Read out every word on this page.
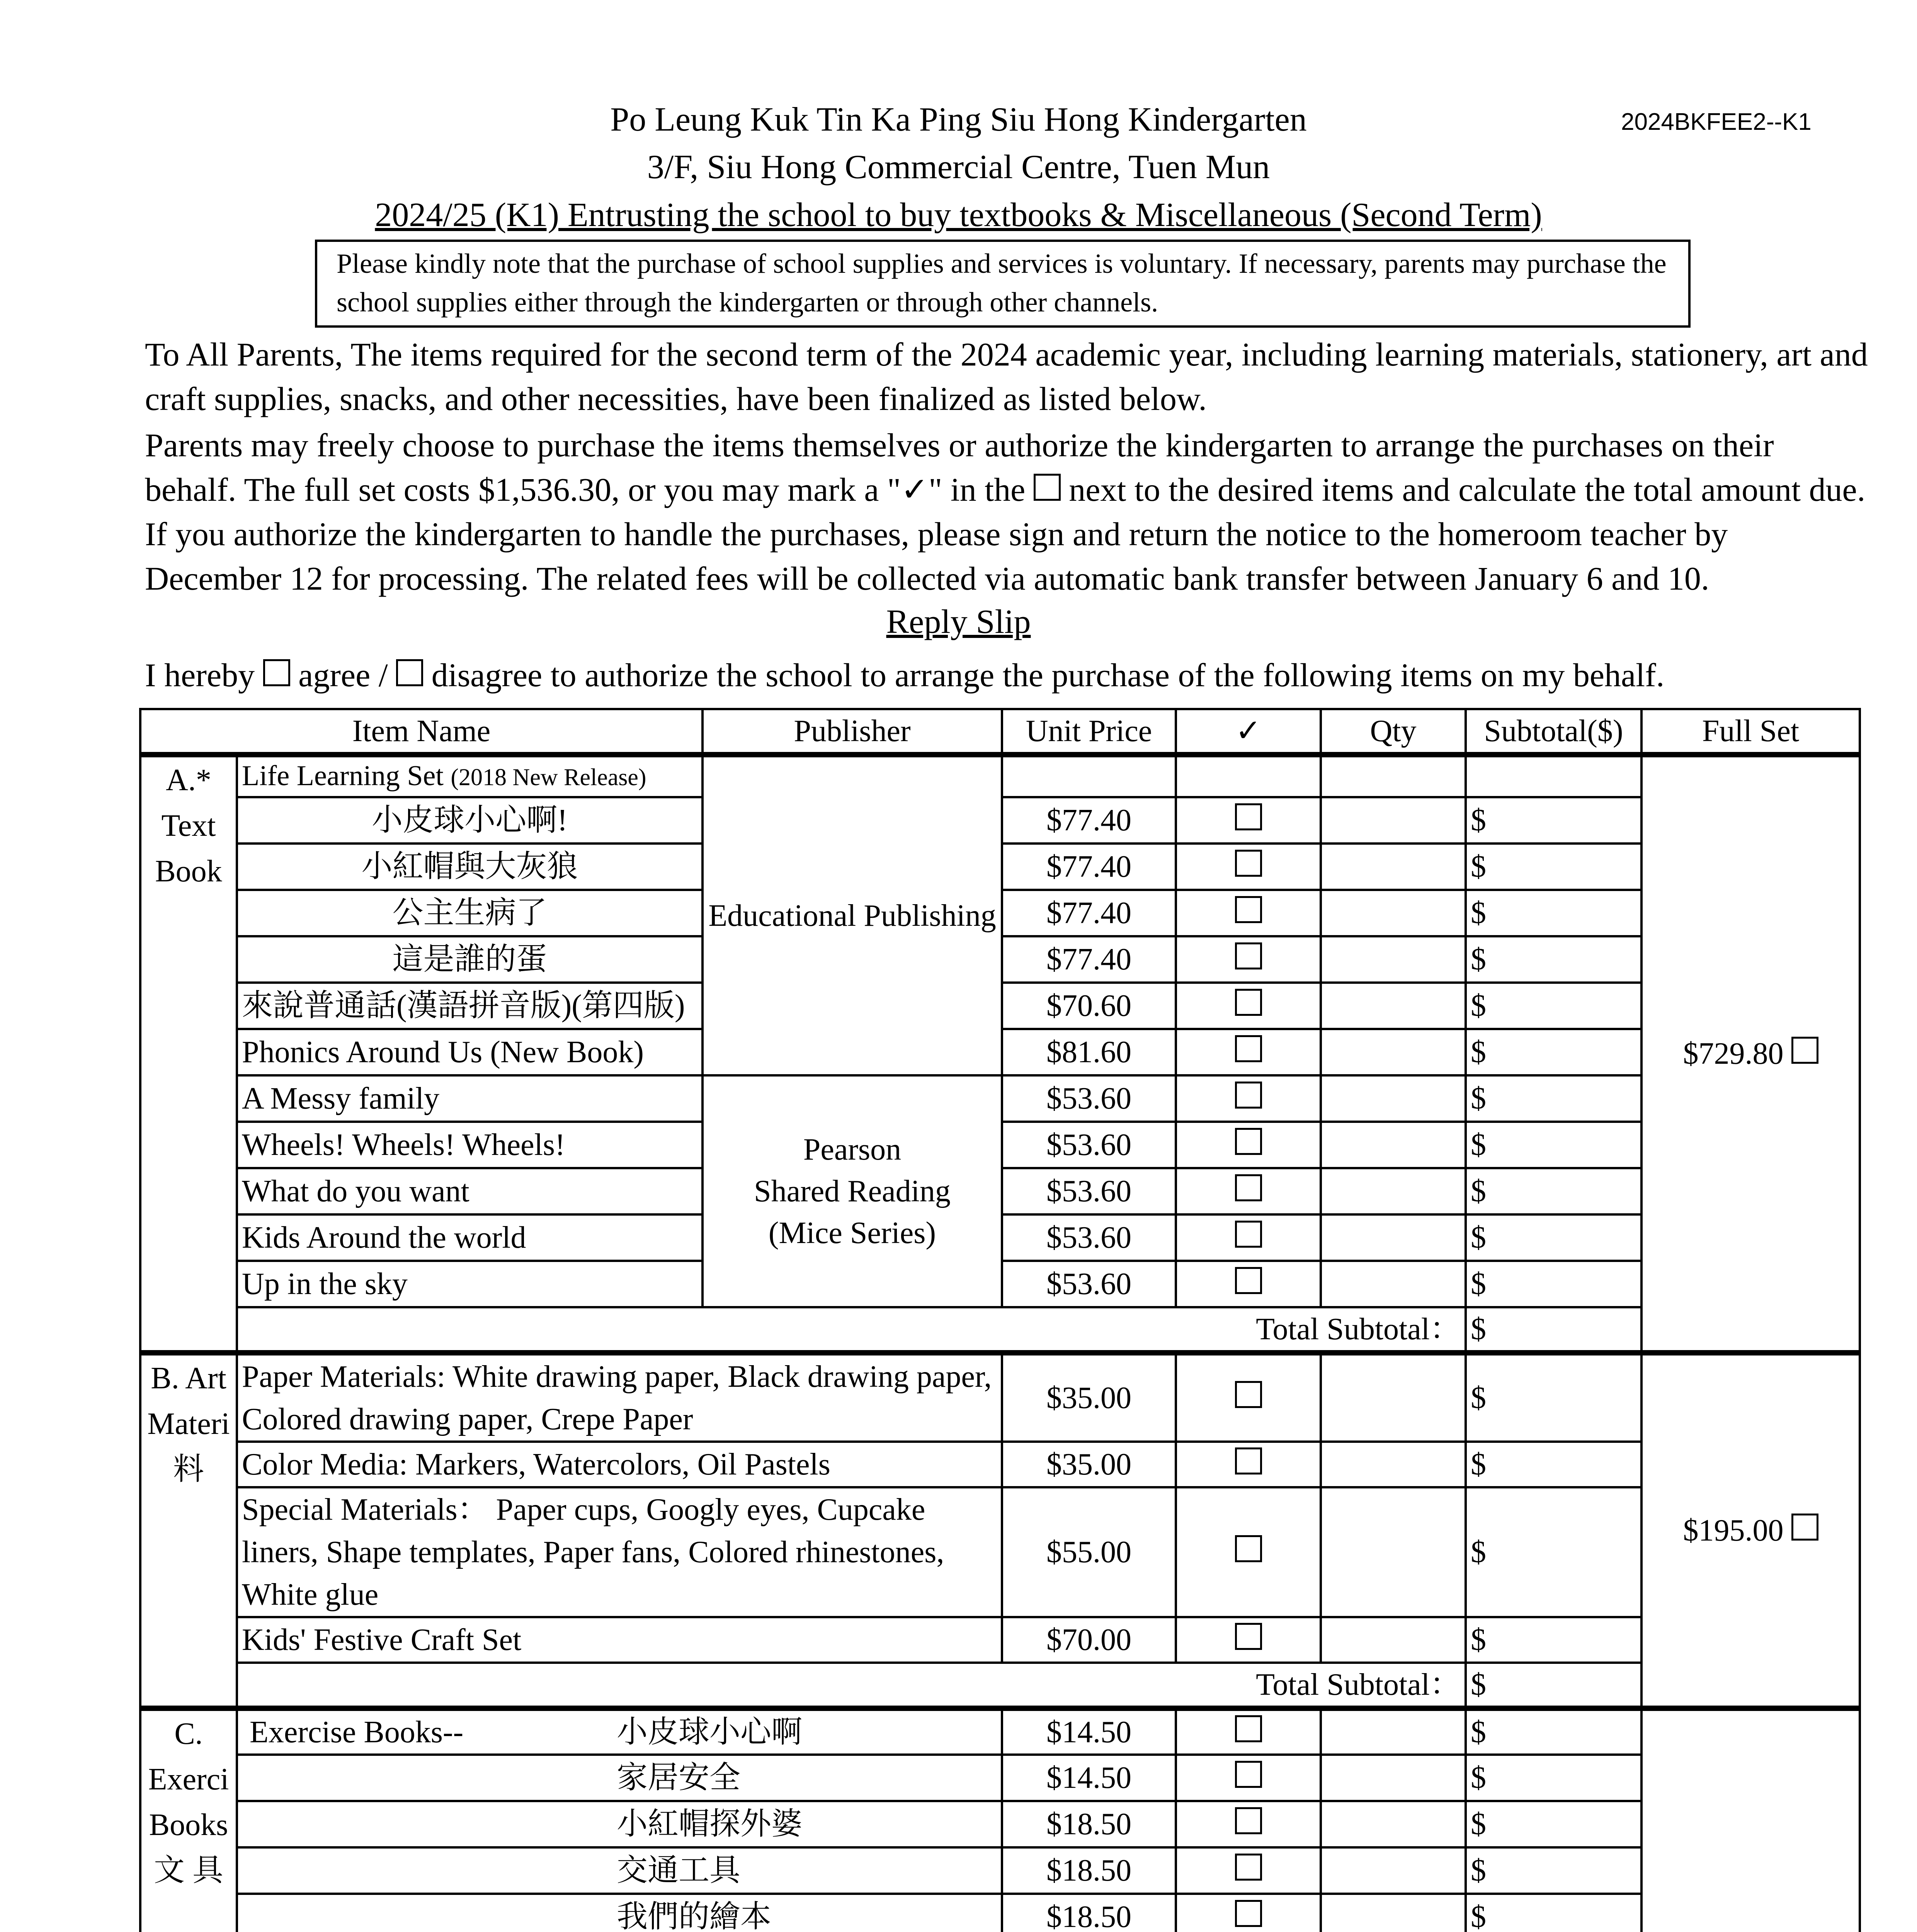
Po Leung Kuk Tin Ka Ping Siu Hong Kindergarten
3/F, Siu Hong Commercial Centre, Tuen Mun
2024/25 (K1) Entrusting the school to buy textbooks & Miscellaneous (Second Term)
2024BKFEE2--K1
Please kindly note that the purchase of school supplies and services is voluntary. If necessary, parents may purchase the school supplies either through the kindergarten or through other channels.
To All Parents, The items required for the second term of the 2024 academic year, including learning materials, stationery, art and craft supplies, snacks, and other necessities, have been finalized as listed below.
Parents may freely choose to purchase the items themselves or authorize the kindergarten to arrange the purchases on their behalf. The full set costs $1,536.30, or you may mark a "✓" in the next to the desired items and calculate the total amount due. If you authorize the kindergarten to handle the purchases, please sign and return the notice to the homeroom teacher by December 12 for processing. The related fees will be collected via automatic bank transfer between January 6 and 10.
Reply Slip
I hereby agree / disagree to authorize the school to arrange the purchase of the following items on my behalf.
Item Name		Publisher	Unit Price	✓	Qty	Subtotal($)	Full Set
A.* Text Book	Life Learning Set (2018 New Release)	Educational Publishing					$729.80
	小皮球小心啊!		$77.40			$	
	小紅帽與大灰狼		$77.40			$	
	公主生病了		$77.40			$	
	這是誰的蛋		$77.40			$	
	來說普通話(漢語拼音版)(第四版)		$70.60			$	
	Phonics Around Us (New Book)		$81.60			$	
	A Messy family	Pearson
Shared Reading
(Mice Series)	$53.60			$	
	Wheels! Wheels! Wheels!		$53.60			$	
	What do you want		$53.60			$	
	Kids Around the world		$53.60			$	
	Up in the sky		$53.60			$	
	Total Subtotal：					$	
B. Art Materi 料	Paper Materials: White drawing paper, Black drawing paper, Colored drawing paper, Crepe Paper		$35.00			$	$195.00
	Color Media: Markers, Watercolors, Oil Pastels		$35.00			$	
	Special Materials： Paper cups, Googly eyes, Cupcake liners, Shape templates, Paper fans, Colored rhinestones, White glue		$55.00			$	
	Kids' Festive Craft Set		$70.00			$	
	Total Subtotal：					$	
C. Exerci Books 文 具	Exercise Books-- 小皮球小心啊		$14.50			$	
	家居安全		$14.50			$	
	小紅帽探外婆		$18.50			$	
	交通工具		$18.50			$	
	我們的繪本		$18.50			$	
